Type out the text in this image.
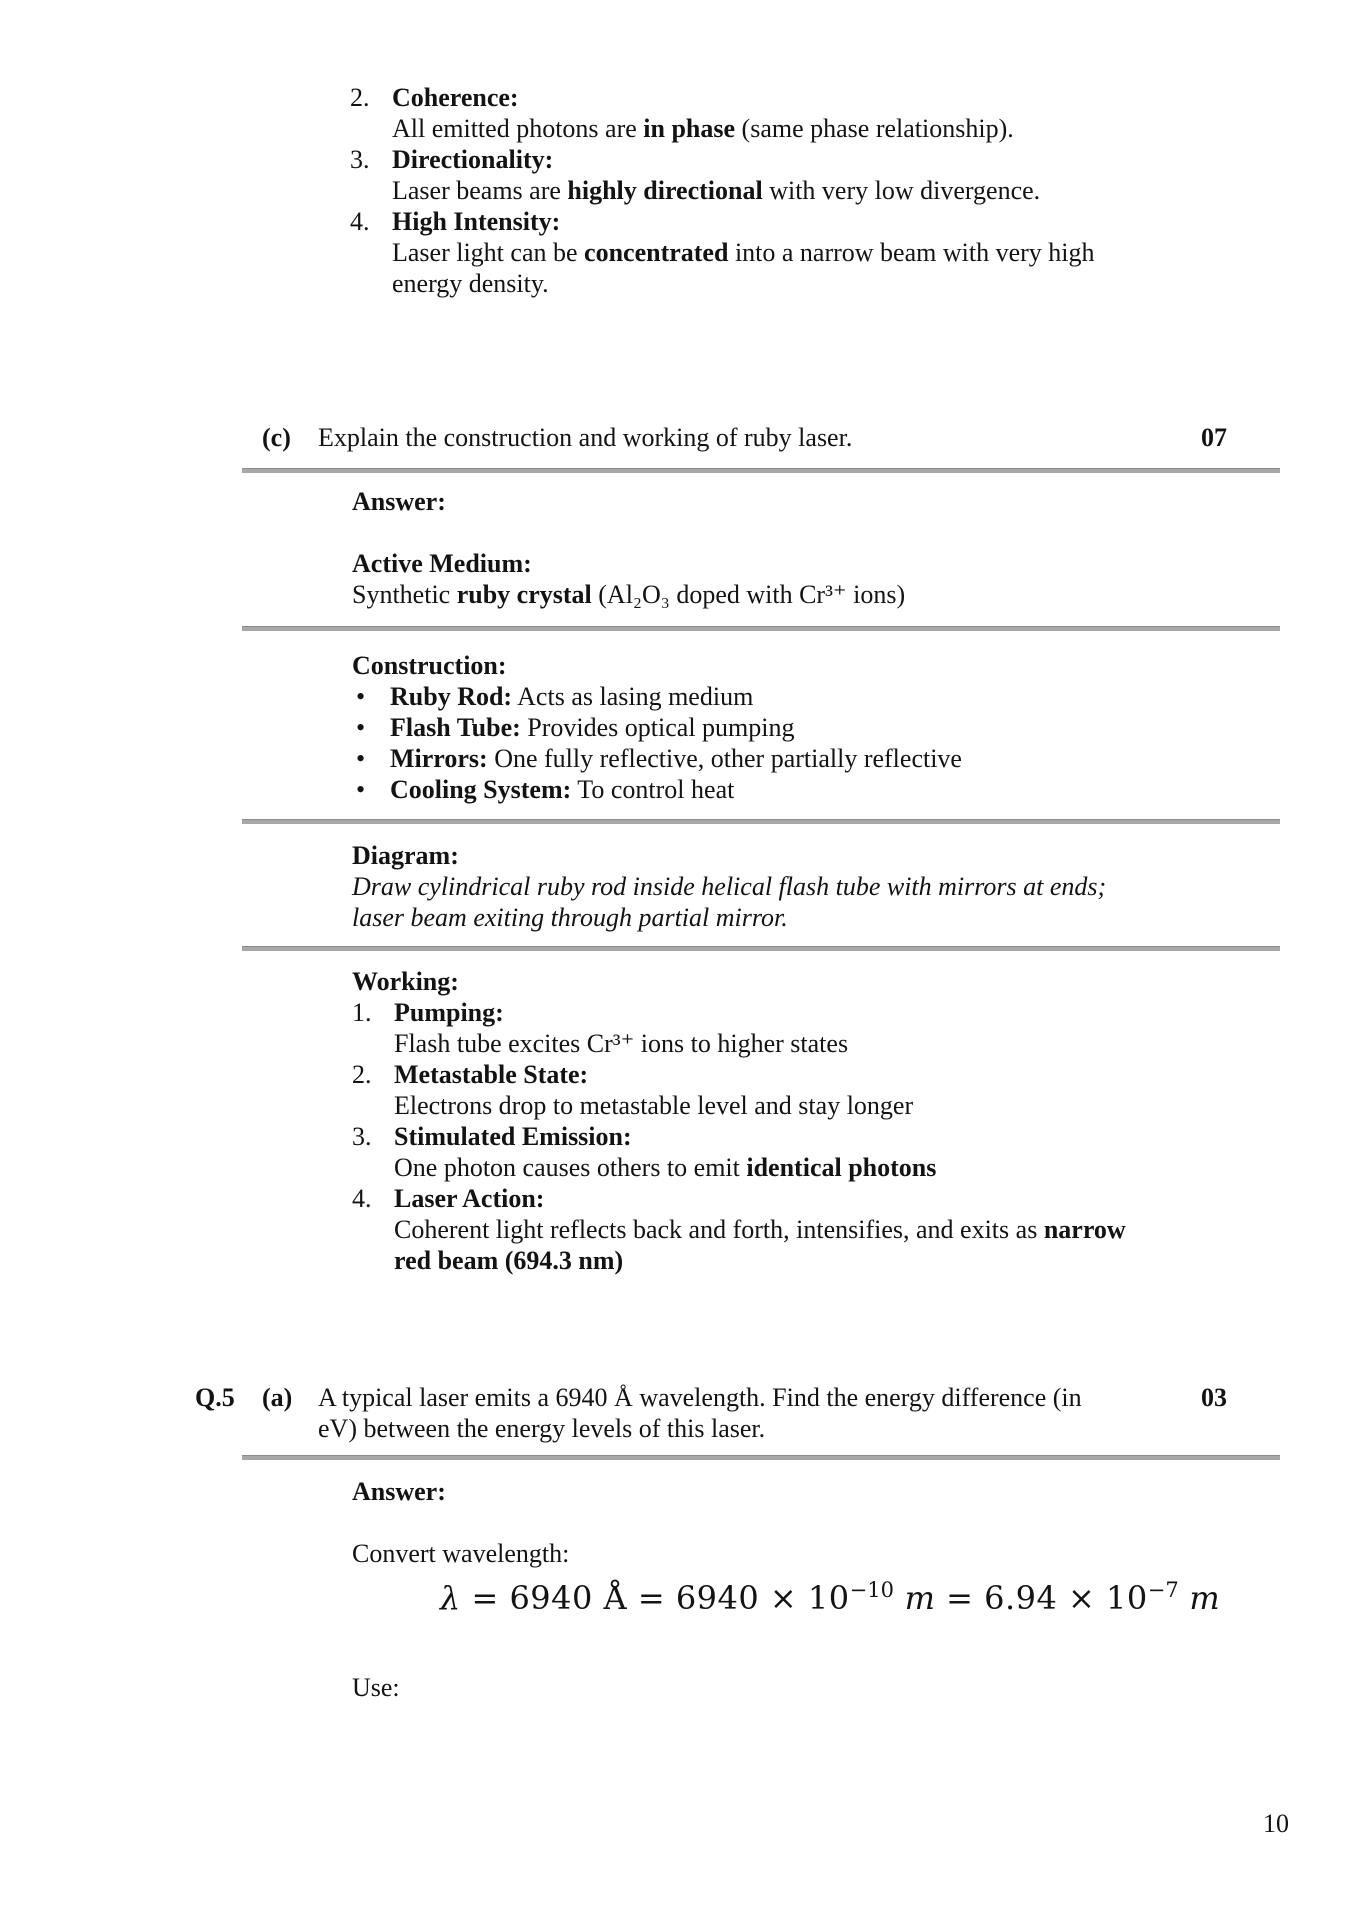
2. Coherence:
All emitted photons are in phase (same phase relationship).
3. Directionality:
Laser beams are highly directional with very low divergence.
4. High Intensity:
Laser light can be concentrated into a narrow beam with very high
energy density.
(c) Explain the construction and working of ruby laser.	07
Answer:
Active Medium:
Synthetic ruby crystal (Al₂O₃ doped with Cr³⁺ ions)
Construction:
• Ruby Rod: Acts as lasing medium
• Flash Tube: Provides optical pumping
• Mirrors: One fully reflective, other partially reflective
• Cooling System: To control heat
Diagram:
Draw cylindrical ruby rod inside helical flash tube with mirrors at ends;
laser beam exiting through partial mirror.
Working:
1. Pumping:
Flash tube excites Cr³⁺ ions to higher states
2. Metastable State:
Electrons drop to metastable level and stay longer
3. Stimulated Emission:
One photon causes others to emit identical photons
4. Laser Action:
Coherent light reflects back and forth, intensifies, and exits as narrow
red beam (694.3 nm)
Q.5 (a) A typical laser emits a 6940 Å wavelength. Find the energy difference (in
eV) between the energy levels of this laser.
03
Answer:
Convert wavelength:
λ = 6940 Å = $6940 \times 10^{-10}$ $m = 6.94 \times 10^{-7}$ m
Use:
10
